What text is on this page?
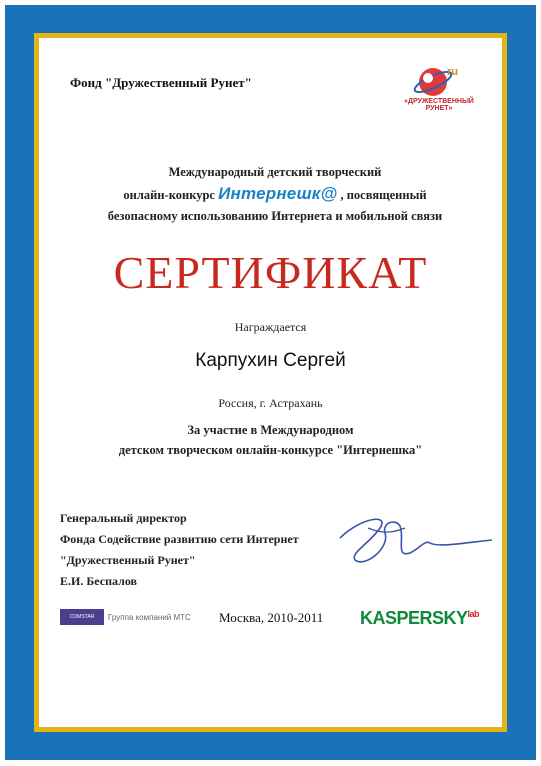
Фонд "Дружественный Рунет"
ru
«ДРУЖЕСТВЕННЫЙ РУНЕТ»
Международный детский творческий
онлайн-конкурс Интернешк@ , посвященный
безопасному использованию Интернета и мобильной связи
СЕРТИФИКАТ
Награждается
Карпухин Сергей
Россия, г. Астрахань
За участие в Международном
детском творческом онлайн-конкурсе "Интернешка"
Генеральный директор
Фонда Содействие развитию сети Интернет
"Дружественный Рунет"
Е.И. Беспалов
COMSTAR Группа компаний МТС	Москва, 2010-2011 $KASPERSKY^{lab}$
